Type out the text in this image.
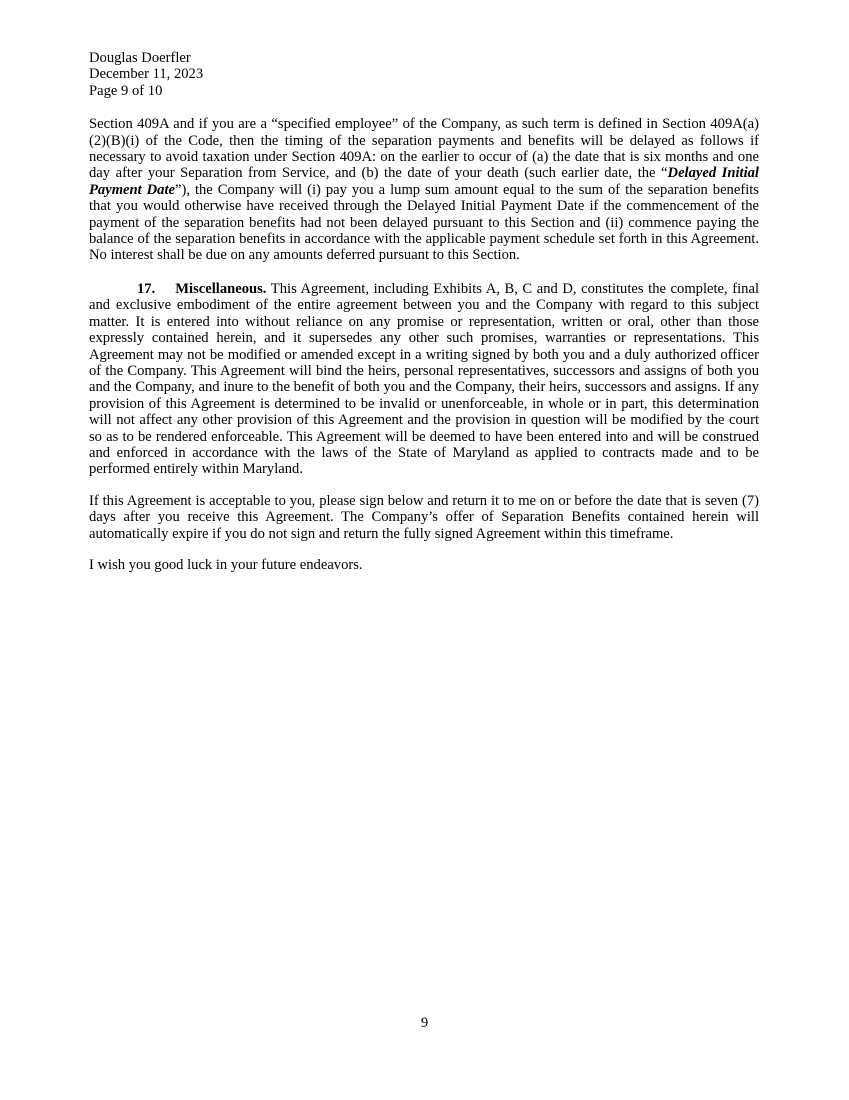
Douglas Doerfler
December 11, 2023
Page 9 of 10

Section 409A and if you are a “specified employee” of the Company, as such term is defined in Section 409A(a)(2)(B)(i) of the Code, then the timing of the separation payments and benefits will be delayed as follows if necessary to avoid taxation under Section 409A: on the earlier to occur of (a) the date that is six months and one day after your Separation from Service, and (b) the date of your death (such earlier date, the “Delayed Initial Payment Date”), the Company will (i) pay you a lump sum amount equal to the sum of the separation benefits that you would otherwise have received through the Delayed Initial Payment Date if the commencement of the payment of the separation benefits had not been delayed pursuant to this Section and (ii) commence paying the balance of the separation benefits in accordance with the applicable payment schedule set forth in this Agreement. No interest shall be due on any amounts deferred pursuant to this Section.

17. Miscellaneous. This Agreement, including Exhibits A, B, C and D, constitutes the complete, final and exclusive embodiment of the entire agreement between you and the Company with regard to this subject matter. It is entered into without reliance on any promise or representation, written or oral, other than those expressly contained herein, and it supersedes any other such promises, warranties or representations. This Agreement may not be modified or amended except in a writing signed by both you and a duly authorized officer of the Company. This Agreement will bind the heirs, personal representatives, successors and assigns of both you and the Company, and inure to the benefit of both you and the Company, their heirs, successors and assigns. If any provision of this Agreement is determined to be invalid or unenforceable, in whole or in part, this determination will not affect any other provision of this Agreement and the provision in question will be modified by the court so as to be rendered enforceable. This Agreement will be deemed to have been entered into and will be construed and enforced in accordance with the laws of the State of Maryland as applied to contracts made and to be performed entirely within Maryland.

If this Agreement is acceptable to you, please sign below and return it to me on or before the date that is seven (7) days after you receive this Agreement. The Company’s offer of Separation Benefits contained herein will automatically expire if you do not sign and return the fully signed Agreement within this timeframe.

I wish you good luck in your future endeavors.

9
